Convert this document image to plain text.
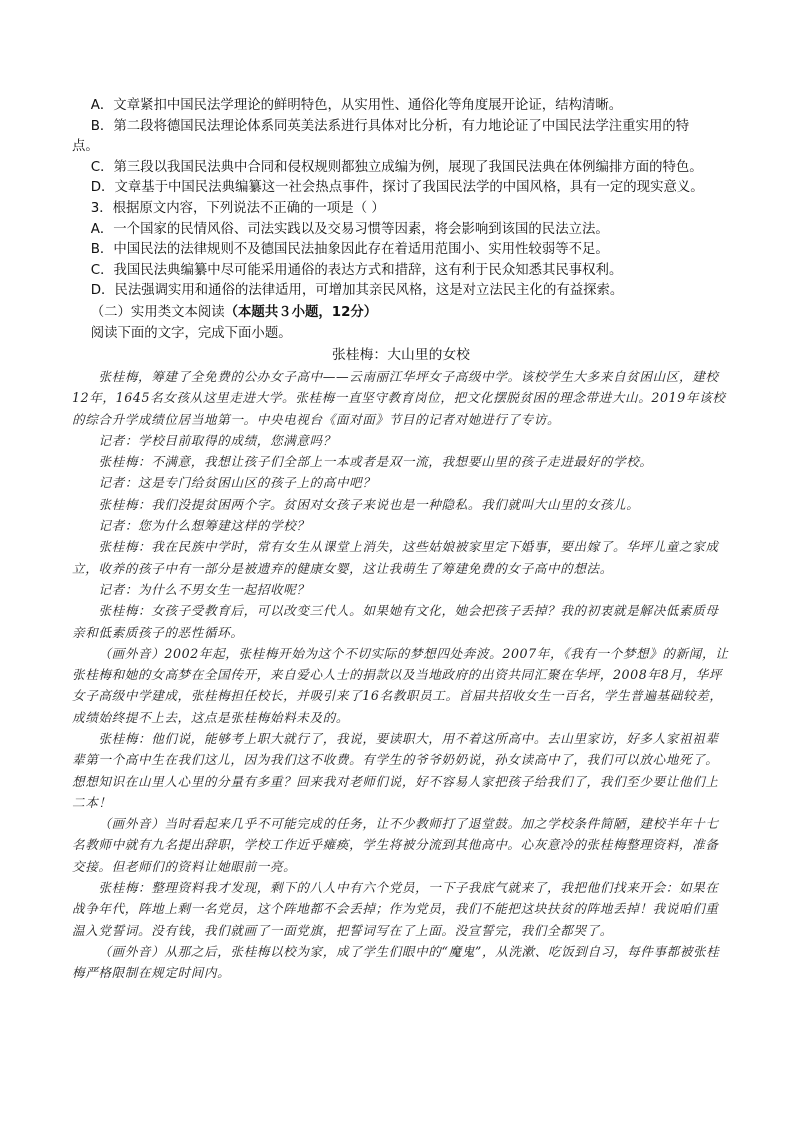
A．文章紧扣中国民法学理论的鲜明特色，从实用性、通俗化等角度展开论证，结构清晰。

B．第二段将德国民法理论体系同英美法系进行具体对比分析，有力地论证了中国民法学注重实用的特

点。

C．第三段以我国民法典中合同和侵权规则都独立成编为例，展现了我国民法典在体例编排方面的特色。

D．文章基于中国民法典编纂这一社会热点事件，探讨了我国民法学的中国风格，具有一定的现实意义。

3．根据原文内容，下列说法不正确的一项是（ ）

A．一个国家的民情风俗、司法实践以及交易习惯等因素，将会影响到该国的民法立法。

B．中国民法的法律规则不及德国民法抽象因此存在着适用范围小、实用性较弱等不足。

C．我国民法典编纂中尽可能采用通俗的表达方式和措辞，这有利于民众知悉其民事权利。

D．民法强调实用和通俗的法律适用，可增加其亲民风格，这是对立法民主化的有益探索。

（二）实用类文本阅读（本题共３小题，12分）

阅读下面的文字，完成下面小题。

张桂梅：大山里的女校

张桂梅，筹建了全免费的公办女子高中——云南丽江华坪女子高级中学。该校学生大多来自贫困山区，建校12年，1645名女孩从这里走进大学。张桂梅一直坚守教育岗位，把文化摆脱贫困的理念带进大山。2019年该校的综合升学成绩位居当地第一。中央电视台《面对面》节目的记者对她进行了专访。

记者：学校目前取得的成绩，您满意吗？

张桂梅：不满意，我想让孩子们全部上一本或者是双一流，我想要山里的孩子走进最好的学校。

记者：这是专门给贫困山区的孩子上的高中吧？

张桂梅：我们没提贫困两个字。贫困对女孩子来说也是一种隐私。我们就叫大山里的女孩儿。

记者：您为什么想筹建这样的学校？

张桂梅：我在民族中学时，常有女生从课堂上消失，这些姑娘被家里定下婚事，要出嫁了。华坪儿童之家成立，收养的孩子中有一部分是被遗弃的健康女婴，这让我萌生了筹建免费的女子高中的想法。

记者：为什么不男女生一起招收呢？

张桂梅：女孩子受教育后，可以改变三代人。如果她有文化，她会把孩子丢掉？我的初衷就是解决低素质母亲和低素质孩子的恶性循环。

（画外音）2002年起，张桂梅开始为这个不切实际的梦想四处奔波。2007年，《我有一个梦想》的新闻，让张桂梅和她的女高梦在全国传开，来自爱心人士的捐款以及当地政府的出资共同汇聚在华坪，2008年8月，华坪女子高级中学建成，张桂梅担任校长，并吸引来了16名教职员工。首届共招收女生一百名，学生普遍基础较差，成绩始终提不上去，这点是张桂梅始料未及的。

张桂梅：他们说，能够考上职大就行了，我说，要读职大，用不着这所高中。去山里家访，好多人家祖祖辈辈第一个高中生在我们这儿，因为我们这不收费。有学生的爷爷奶奶说，孙女读高中了，我们可以放心地死了。想想知识在山里人心里的分量有多重？回来我对老师们说，好不容易人家把孩子给我们了，我们至少要让他们上二本！

（画外音）当时看起来几乎不可能完成的任务，让不少教师打了退堂鼓。加之学校条件简陋，建校半年十七名教师中就有九名提出辞职，学校工作近乎瘫痪，学生将被分流到其他高中。心灰意冷的张桂梅整理资料，准备交接。但老师们的资料让她眼前一亮。

张桂梅：整理资料我才发现，剩下的八人中有六个党员，一下子我底气就来了，我把他们找来开会：如果在战争年代，阵地上剩一名党员，这个阵地都不会丢掉；作为党员，我们不能把这块扶贫的阵地丢掉！我说咱们重温入党誓词。没有钱，我们就画了一面党旗，把誓词写在了上面。没宣誓完，我们全都哭了。

（画外音）从那之后，张桂梅以校为家，成了学生们眼中的“魔鬼”，从洗漱、吃饭到自习，每件事都被张桂梅严格限制在规定时间内。
